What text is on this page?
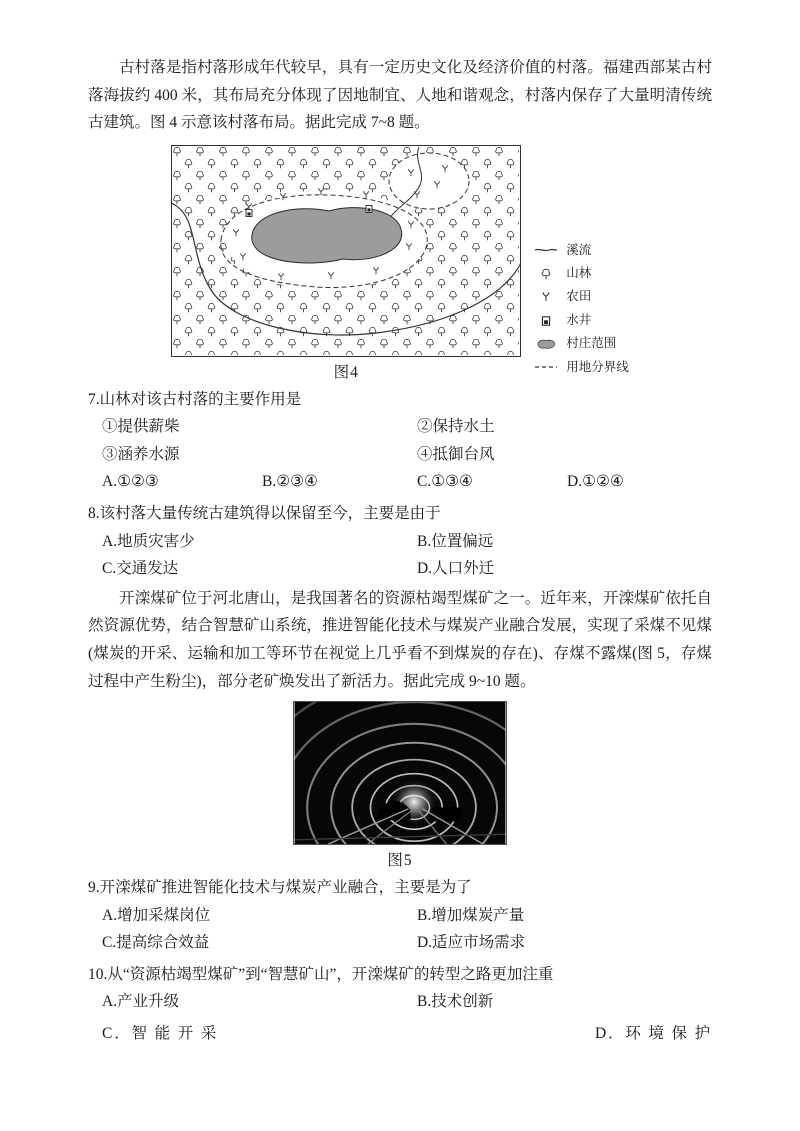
古村落是指村落形成年代较早，具有一定历史文化及经济价值的村落。福建西部某古村落海拔约 400 米，其布局充分体现了因地制宜、人地和谐观念，村落内保存了大量明清传统古建筑。图 4 示意该村落布局。据此完成 7~8 题。

图4
溪流
山林
农田
水井
村庄范围
用地分界线
7.山林对该古村落的主要作用是
①提供薪柴	②保持水土
③涵养水源	④抵御台风
A.①②③	B.②③④	C.①③④	D.①②④
8.该村落大量传统古建筑得以保留至今，主要是由于
A.地质灾害少	B.位置偏远
C.交通发达	D.人口外迁

开滦煤矿位于河北唐山，是我国著名的资源枯竭型煤矿之一。近年来，开滦煤矿依托自然资源优势，结合智慧矿山系统，推进智能化技术与煤炭产业融合发展，实现了采煤不见煤(煤炭的开采、运输和加工等环节在视觉上几乎看不到煤炭的存在)、存煤不露煤(图 5，存煤过程中产生粉尘)，部分老矿焕发出了新活力。据此完成 9~10 题。

图5
9.开滦煤矿推进智能化技术与煤炭产业融合，主要是为了
A.增加采煤岗位	B.增加煤炭产量
C.提高综合效益	D.适应市场需求
10.从“资源枯竭型煤矿”到“智慧矿山”，开滦煤矿的转型之路更加注重
A.产业升级	B.技术创新
C．智 能 开 采	D．环 境 保 护
